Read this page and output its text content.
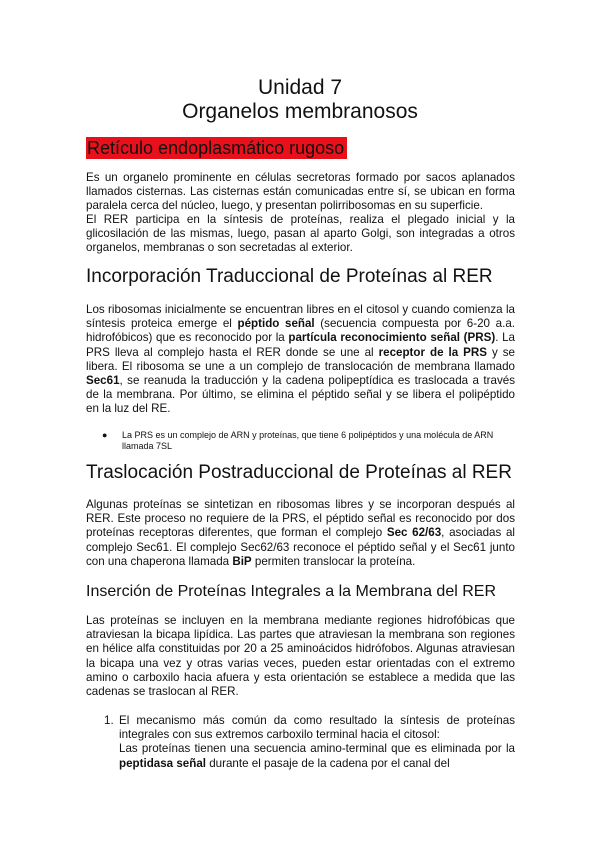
Unidad 7
Organelos membranosos
Retículo endoplasmático rugoso

Es un organelo prominente en células secretoras formado por sacos aplanados llamados cisternas. Las cisternas están comunicadas entre sí, se ubican en forma paralela cerca del núcleo, luego, y presentan polirribosomas en su superficie.

El RER participa en la síntesis de proteínas, realiza el plegado inicial y la glicosilación de las mismas, luego, pasan al aparto Golgi, son integradas a otros organelos, membranas o son secretadas al exterior.

Incorporación Traduccional de Proteínas al RER

Los ribosomas inicialmente se encuentran libres en el citosol y cuando comienza la síntesis proteica emerge el péptido señal (secuencia compuesta por 6-20 a.a. hidrofóbicos) que es reconocido por la partícula reconocimiento señal (PRS). La PRS lleva al complejo hasta el RER donde se une al receptor de la PRS y se libera. El ribosoma se une a un complejo de translocación de membrana llamado Sec61, se reanuda la traducción y la cadena polipeptídica es traslocada a través de la membrana. Por último, se elimina el péptido señal y se libera el polipéptido en la luz del RE.

● La PRS es un complejo de ARN y proteínas, que tiene 6 polipéptidos y una molécula de ARN llamada 7SL
Traslocación Postraduccional de Proteínas al RER

Algunas proteínas se sintetizan en ribosomas libres y se incorporan después al RER. Este proceso no requiere de la PRS, el péptido señal es reconocido por dos proteínas receptoras diferentes, que forman el complejo Sec 62/63, asociadas al complejo Sec61. El complejo Sec62/63 reconoce el péptido señal y el Sec61 junto con una chaperona llamada BiP permiten translocar la proteína.

Inserción de Proteínas Integrales a la Membrana del RER

Las proteínas se incluyen en la membrana mediante regiones hidrofóbicas que atraviesan la bicapa lipídica. Las partes que atraviesan la membrana son regiones en hélice alfa constituidas por 20 a 25 aminoácidos hidrófobos. Algunas atraviesan la bicapa una vez y otras varias veces, pueden estar orientadas con el extremo amino o carboxilo hacia afuera y esta orientación se establece a medida que las cadenas se traslocan al RER.

1. El mecanismo más común da como resultado la síntesis de proteínas integrales con sus extremos carboxilo terminal hacia el citosol:
Las proteínas tienen una secuencia amino-terminal que es eliminada por la peptidasa señal durante el pasaje de la cadena por el canal del
